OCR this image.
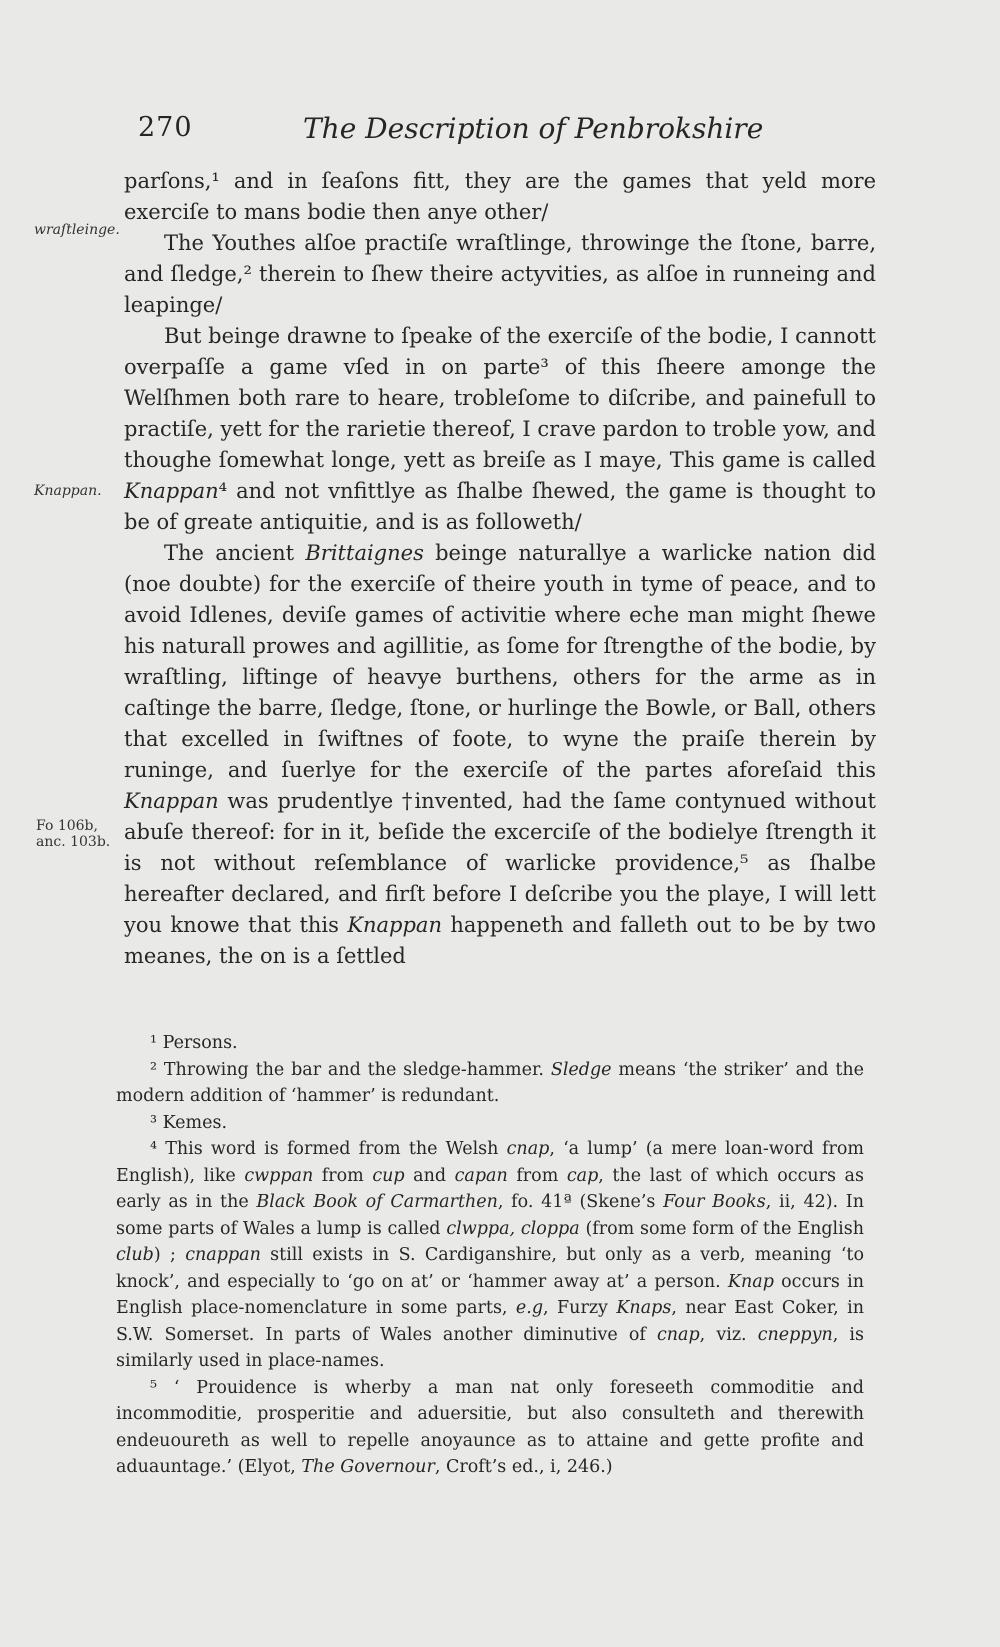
270	The Description of Penbrokshire
wraſtleinge.
Knappan.
Fo 106b,
anc. 103b.

parſons,¹ and in ſeaſons fitt, they are the games that yeld more exerciſe to mans bodie then anye other/

The Youthes alſoe practiſe wraſtlinge, throwinge the ſtone, barre, and ſledge,² therein to ſhew theire actyvities, as alſoe in runneing and leapinge/

But beinge drawne to ſpeake of the exerciſe of the bodie, I cannott overpaſſe a game vſed in on parte³ of this ſheere amonge the Welſhmen both rare to heare, trobleſome to diſcribe, and painefull to practiſe, yett for the rarietie thereof, I crave pardon to troble yow, and thoughe ſomewhat longe, yett as breiſe as I maye, This game is called Knappan⁴ and not vnfittlye as ſhalbe ſhewed, the game is thought to be of greate antiquitie, and is as followeth/

The ancient Brittaignes beinge naturallye a warlicke nation did (noe doubte) for the exerciſe of theire youth in tyme of peace, and to avoid Idlenes, deviſe games of activitie where eche man might ſhewe his naturall prowes and agillitie, as ſome for ſtrengthe of the bodie, by wraſtling, liftinge of heavye burthens, others for the arme as in caſtinge the barre, ſledge, ſtone, or hurlinge the Bowle, or Ball, others that excelled in ſwiftnes of foote, to wyne the praiſe therein by runinge, and ſuerlye for the exerciſe of the partes aforeſaid this Knappan was prudentlye †invented, had the ſame contynued without abuſe thereof: for in it, beſide the excerciſe of the bodielye ſtrength it is not without reſemblance of warlicke providence,⁵ as ſhalbe hereafter declared, and firſt before I deſcribe you the playe, I will lett you knowe that this Knappan happeneth and falleth out to be by two meanes, the on is a ſettled

¹ Persons.

² Throwing the bar and the sledge-hammer. Sledge means ‘the striker’ and the modern addition of ‘hammer’ is redundant.

³ Kemes.

⁴ This word is formed from the Welsh cnap, ‘a lump’ (a mere loan-word from English), like cwppan from cup and capan from cap, the last of which occurs as early as in the Black Book of Carmarthen, fo. 41ª (Skene’s Four Books, ii, 42). In some parts of Wales a lump is called clwppa, cloppa (from some form of the English club) ; cnappan still exists in S. Cardiganshire, but only as a verb, meaning ‘to knock’, and especially to ‘go on at’ or ‘hammer away at’ a person. Knap occurs in English place-nomenclature in some parts, e.g, Furzy Knaps, near East Coker, in S.W. Somerset. In parts of Wales another diminutive of cnap, viz. cneppyn, is similarly used in place-names.

⁵ ‘ Prouidence is wherby a man nat only foreseeth commoditie and incommoditie, prosperitie and aduersitie, but also consulteth and therewith endeuoureth as well to repelle anoyaunce as to attaine and gette profite and aduauntage.’ (Elyot, The Governour, Croft’s ed., i, 246.)
